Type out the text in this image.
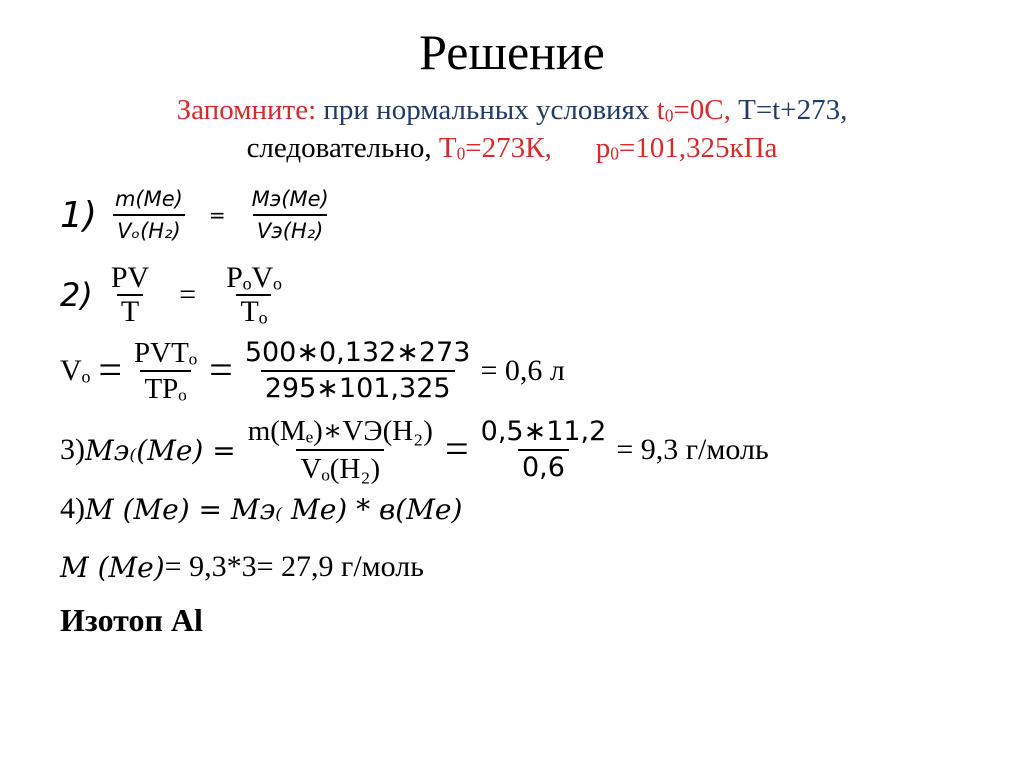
Решение
Запомните: при нормальных условиях $t_0=0С$, Т=t+273,
следовательно, $Т_0=273К$, $р_0=101,325кПа$
$1) \frac{m(Me)}{\text{Vₒ(H₂)}} = \frac{Mэ(Me)}{\text{Vэ(H₂)}}$
$2) \frac{PV}{Т} = \frac{\text{PₒVₒ}}{\text{Тₒ}}$
$V_o = \frac{\text{PVTₒ}}{\text{ТPₒ}} = \frac{500∗0,132∗273}{295∗101,325} = 0,6$ л
3) $Mэ_((Me) = \frac{\text{m(Mₑ)∗VЭ(H₂)}}{\text{Vₒ(H₂)}} = \frac{0,5∗11,2}{0,6} = 9,3$ г/моль
4) M (Me) = Mэ₍ Me) * в(Me)
M (Me) = 9,3*3= 27,9 г/моль
Изотоп Al
